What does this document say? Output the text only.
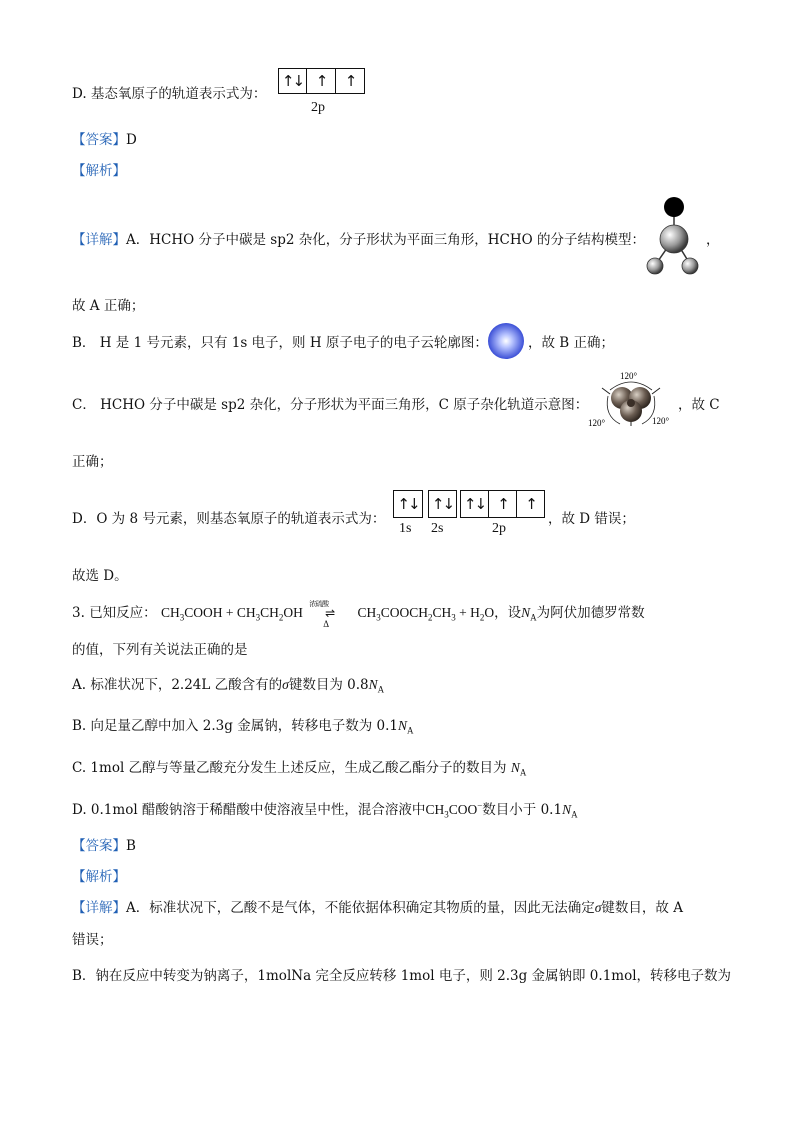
D. 基态氧原子的轨道表示式为：
↑↓ ↑	↑
2p
【答案】D
【解析】
【详解】A．HCHO 分子中碳是 sp2 杂化，分子形状为平面三角形，HCHO 的分子结构模型：	，
故 A 正确；
B． H 是 1 号元素，只有 1s 电子，则 H 原子电子的电子云轮廓图：	，故 B 正确；
C． HCHO 分子中碳是 sp2 杂化，分子形状为平面三角形，C 原子杂化轨道示意图：
120°
120°	120°
，故 C
正确；
D．O 为 8 号元素，则基态氧原子的轨道表示式为：
↑↓
1s
↑↓
2s
↑↓ ↑	↑
2p
，故 D 错误；
故选 D。
3. 已知反应： $CH_3COOH + CH_3CH_2OH$
浓硫酸
⇌
Δ
$CH_3COOCH_2CH_3 + H_2O$，设$N_A$为阿伏加德罗常数
的值，下列有关说法正确的是
A. 标准状况下，2.24L 乙酸含有的σ键数目为 $0.8N_A$
B. 向足量乙醇中加入 2.3g 金属钠，转移电子数为 $0.1N_A$
C. 1mol 乙醇与等量乙酸充分发生上述反应，生成乙酸乙酯分子的数目为 $N_A$
D. 0.1mol 醋酸钠溶于稀醋酸中使溶液呈中性，混合溶液中$CH_3COO^-$数目小于 $0.1N_A$
【答案】B
【解析】
【详解】A．标准状况下，乙酸不是气体，不能依据体积确定其物质的量，因此无法确定σ键数目，故 A
错误；
B．钠在反应中转变为钠离子，1molNa 完全反应转移 1mol 电子，则 2.3g 金属钠即 0.1mol，转移电子数为
